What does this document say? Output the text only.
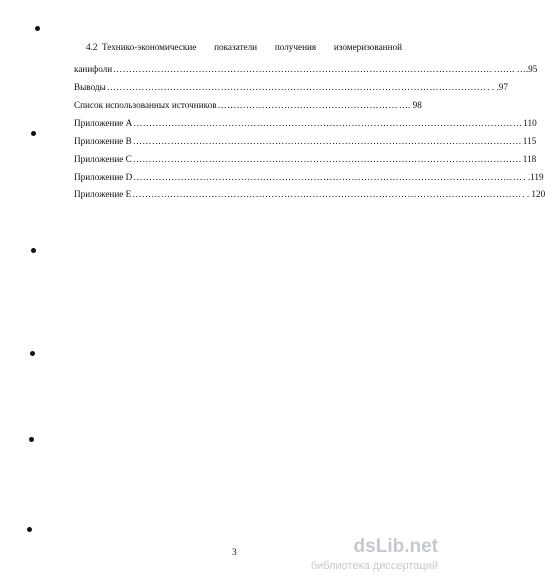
4.2 Технико-экономические показатели получения изомеризованной
канифоли ………………………………………………………………………………………………………… ……. ….95
Выводы ………………………………………………………………………………………………………… . . .97
Список использованных источников ………………………………………………… …. 98
Приложение А …………………………………………………………………………………………………………… 110
Приложение B …………………………………………………………………………………………………………… 115
Приложение C …………………………………………………………………………………………………………… 118
Приложение D …………………………………………………………………………………………………………… . .119
Приложение E …………………………………………………………………………………………………………… . . 120
3	dsLib.net
библиотека диссертаций
